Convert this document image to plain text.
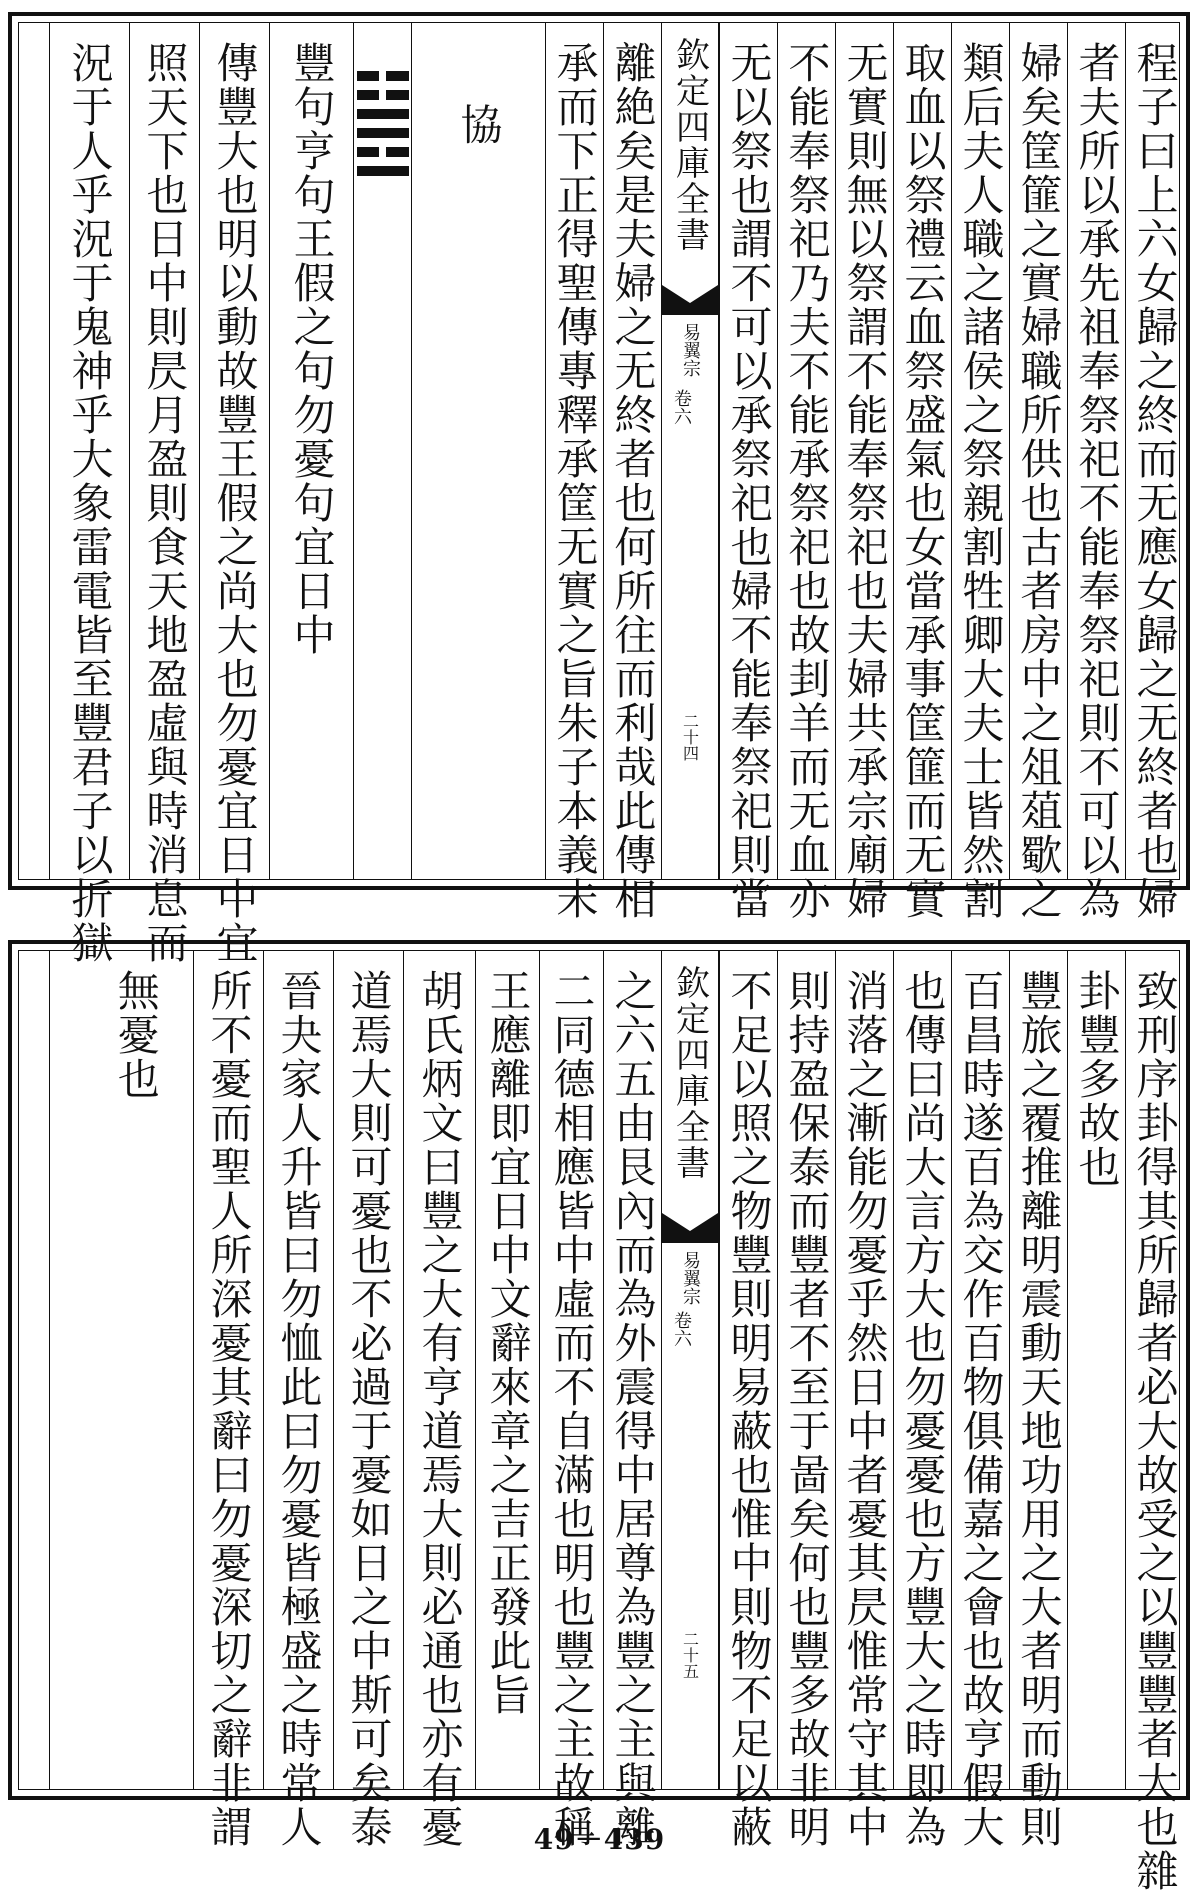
程子曰上六女歸之終而无應女歸之无終者也婦
者夫所以承先祖奉祭祀不能奉祭祀則不可以為
婦矣筐篚之實婦職所供也古者房中之俎葅歜之
類后夫人職之諸侯之祭親割牲卿大夫士皆然割
取血以祭禮云血祭盛氣也女當承事筐篚而无實
无實則無以祭謂不能奉祭祀也夫婦共承宗廟婦
不能奉祭祀乃夫不能承祭祀也故刲羊而无血亦
无以祭也謂不可以承祭祀也婦不能奉祭祀則當
欽定四庫全書
易翼宗
卷六
二十四
離絶矣是夫婦之无終者也何所往而利哉此傳相
承而下正得聖傳專釋承筐无實之旨朱子本義未
協
豐句亨句王假之句勿憂句宜日中
傳豐大也明以動故豐王假之尚大也勿憂宜日中宜
照天下也日中則昃月盈則食天地盈虛與時消息而
況于人乎況于鬼神乎大象雷電皆至豐君子以折獄
致刑序卦得其所歸者必大故受之以豐豐者大也雜
卦豐多故也
豐旅之覆推離明震動天地功用之大者明而動則
百昌時遂百為交作百物俱備嘉之會也故亨假大
也傳曰尚大言方大也勿憂憂也方豐大之時即為
消落之漸能勿憂乎然日中者憂其昃惟常守其中
則持盈保泰而豐者不至于啚矣何也豐多故非明
不足以照之物豐則明易蔽也惟中則物不足以蔽
欽定四庫全書
易翼宗
卷六
二十五
之六五由艮內而為外震得中居尊為豐之主與離
二同德相應皆中虛而不自滿也明也豐之主故稱
王應離即宜日中文辭來章之吉正發此旨
胡氏炳文曰豐之大有亨道焉大則必通也亦有憂
道焉大則可憂也不必過于憂如日之中斯可矣泰
晉夬家人升皆曰勿恤此曰勿憂皆極盛之時常人
所不憂而聖人所深憂其辭曰勿憂深切之辭非謂
無憂也
49－439
